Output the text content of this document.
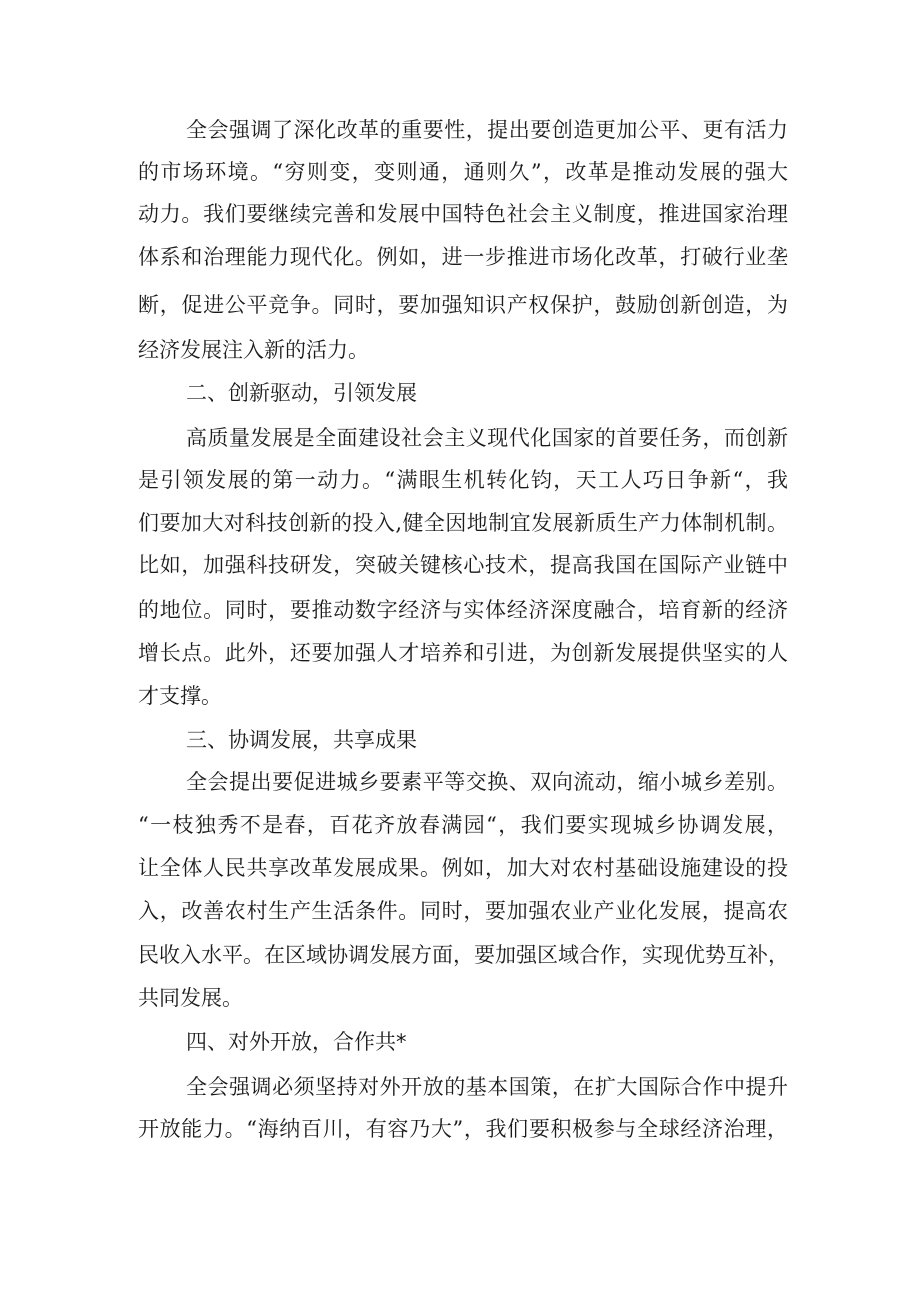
全会强调了深化改革的重要性，提出要创造更加公平、更有活力
的市场环境。“穷则变，变则通，通则久”，改革是推动发展的强大
动力。我们要继续完善和发展中国特色社会主义制度，推进国家治理
体系和治理能力现代化。例如，进一步推进市场化改革，打破行业垄
断，促进公平竞争。同时，要加强知识产权保护，鼓励创新创造，为
经济发展注入新的活力。
二、创新驱动，引领发展
高质量发展是全面建设社会主义现代化国家的首要任务，而创新
是引领发展的第一动力。“满眼生机转化钧，天工人巧日争新“，我
们要加大对科技创新的投入,健全因地制宜发展新质生产力体制机制。
比如，加强科技研发，突破关键核心技术，提高我国在国际产业链中
的地位。同时，要推动数字经济与实体经济深度融合，培育新的经济
增长点。此外，还要加强人才培养和引进，为创新发展提供坚实的人
才支撑。
三、协调发展，共享成果
全会提出要促进城乡要素平等交换、双向流动，缩小城乡差别。
“一枝独秀不是春，百花齐放春满园“，我们要实现城乡协调发展，
让全体人民共享改革发展成果。例如，加大对农村基础设施建设的投
入，改善农村生产生活条件。同时，要加强农业产业化发展，提高农
民收入水平。在区域协调发展方面，要加强区域合作，实现优势互补，
共同发展。
四、对外开放，合作共*
全会强调必须坚持对外开放的基本国策，在扩大国际合作中提升
开放能力。“海纳百川，有容乃大”，我们要积极参与全球经济治理，
